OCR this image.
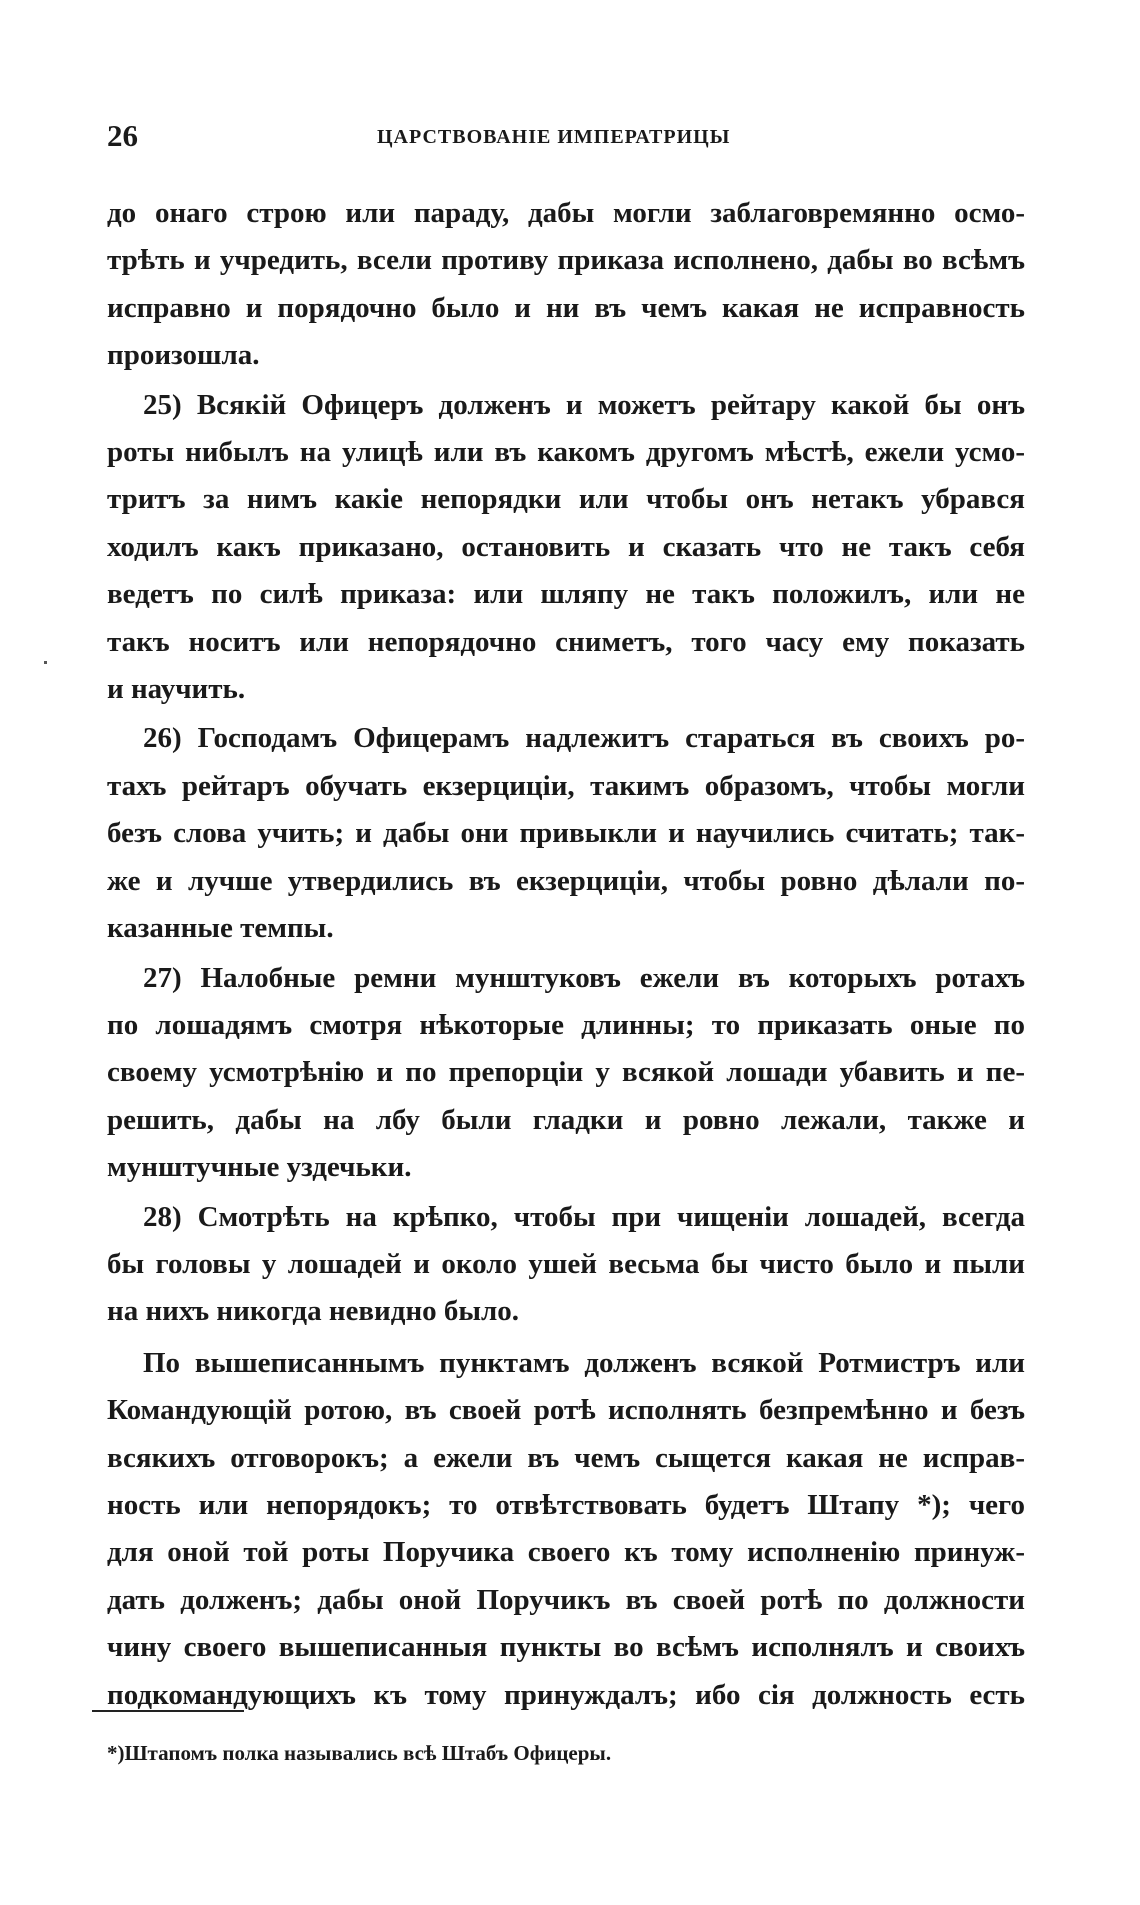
26	ЦАРСТВОВАНІЕ ИМПЕРАТРИЦЫ

до онаго строю или параду, дабы могли заблаговремянно осмо-
трѣть и учредить, всели противу приказа исполнено, дабы во всѣмъ
исправно и порядочно было и ни въ чемъ какая не исправность
произошла.

25) Всякій Офицеръ долженъ и можетъ рейтару какой бы онъ
роты нибылъ на улицѣ или въ какомъ другомъ мѣстѣ, ежели усмо-
тритъ за нимъ какіе непорядки или чтобы онъ нетакъ убрався
ходилъ какъ приказано, остановить и сказать что не такъ себя
ведетъ по силѣ приказа: или шляпу не такъ положилъ, или не
такъ носитъ или непорядочно сниметъ, того часу ему показать
и научить.

26) Господамъ Офицерамъ надлежитъ стараться въ своихъ ро-
тахъ рейтаръ обучать екзерциціи, такимъ образомъ, чтобы могли
безъ слова учить; и дабы они привыкли и научились считать; так-
же и лучше утвердились въ екзерциціи, чтобы ровно дѣлали по-
казанные темпы.

27) Налобные ремни мунштуковъ ежели въ которыхъ ротахъ
по лошадямъ смотря нѣкоторые длинны; то приказать оные по
своему усмотрѣнію и по препорціи у всякой лошади убавить и пе-
решить, дабы на лбу были гладки и ровно лежали, также и
мунштучные уздечьки.

28) Смотрѣть на крѣпко, чтобы при чищеніи лошадей, всегда
бы головы у лошадей и около ушей весьма бы чисто было и пыли
на нихъ никогда невидно было.

По вышеписаннымъ пунктамъ долженъ всякой Ротмистръ или
Командующій ротою, въ своей ротѣ исполнять безпремѣнно и безъ
всякихъ отговорокъ; а ежели въ чемъ сыщется какая не исправ-
ность или непорядокъ; то отвѣтствовать будетъ Штапу *); чего
для оной той роты Поручика своего къ тому исполненію принуж-
дать долженъ; дабы оной Поручикъ въ своей ротѣ по должности
чину своего вышеписанныя пункты во всѣмъ исполнялъ и своихъ
подкомандующихъ къ тому принуждалъ; ибо сія должность есть

*)Штапомъ полка назывались всѣ Штабъ Офицеры.
